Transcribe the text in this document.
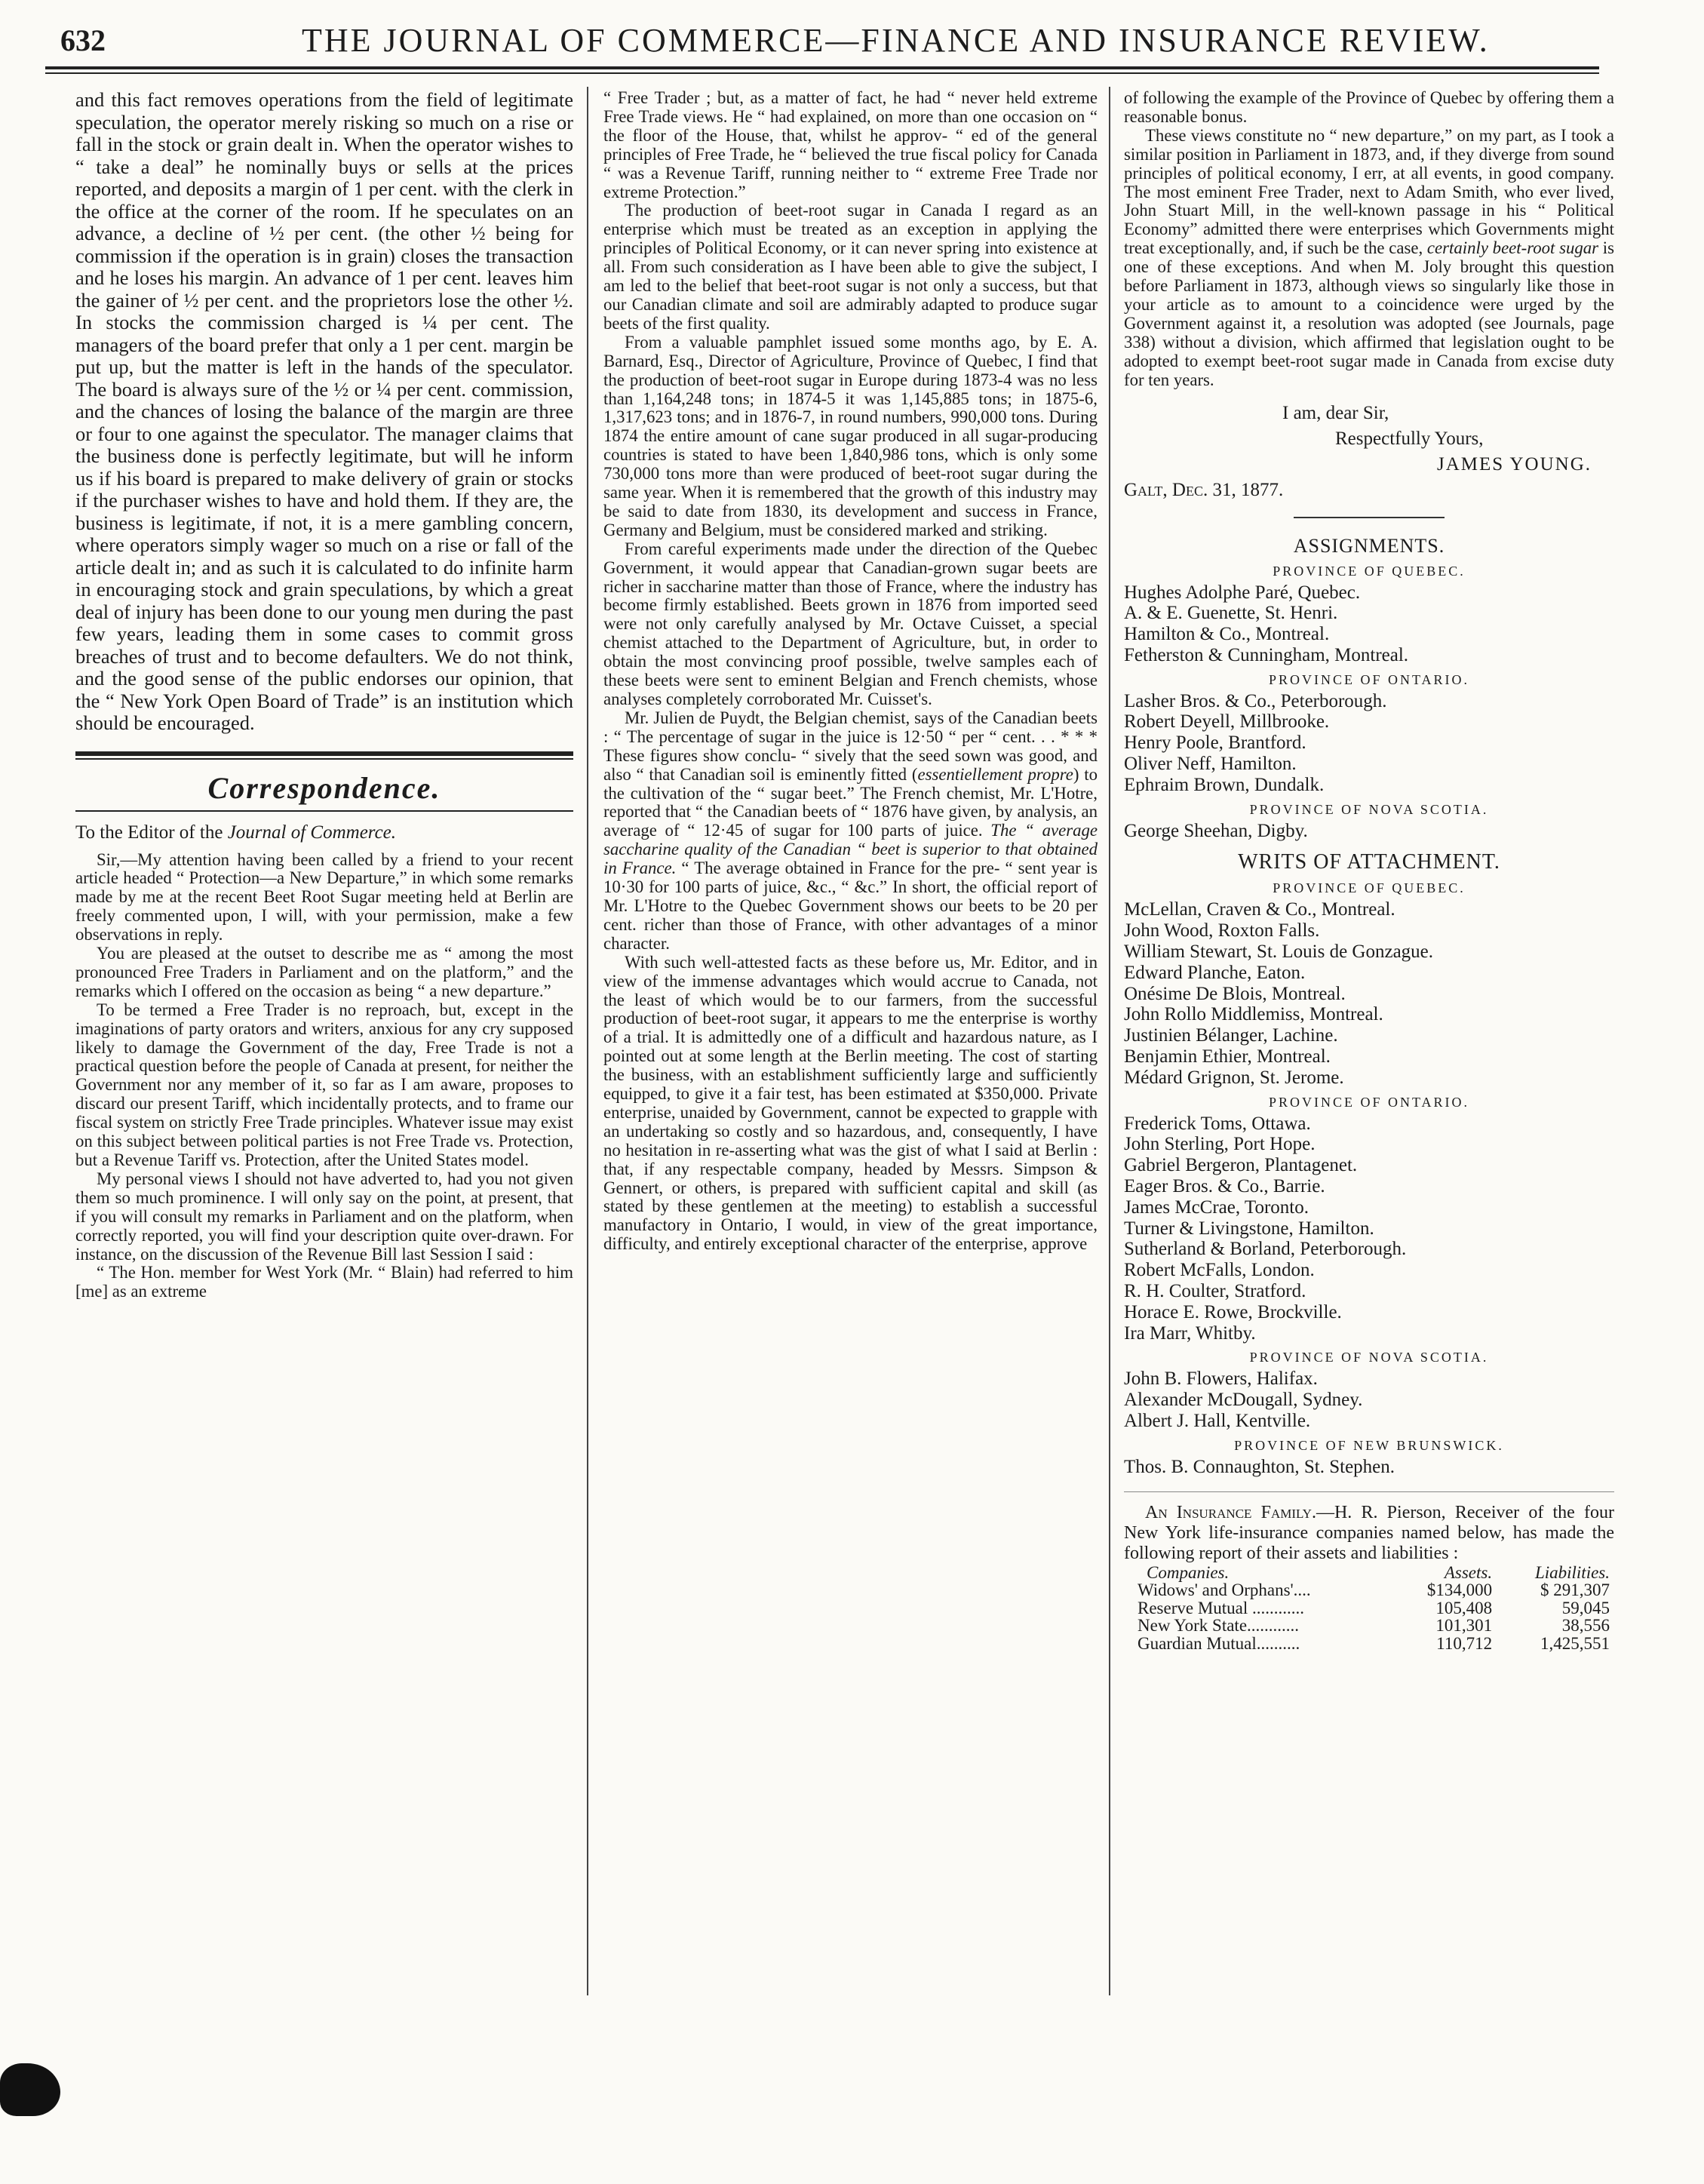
632	THE JOURNAL OF COMMERCE—FINANCE AND INSURANCE REVIEW.

and this fact removes operations from the field of legitimate speculation, the operator merely risking so much on a rise or fall in the stock or grain dealt in. When the operator wishes to “ take a deal” he nominally buys or sells at the prices reported, and deposits a margin of 1 per cent. with the clerk in the office at the corner of the room. If he speculates on an advance, a decline of ½ per cent. (the other ½ being for commission if the operation is in grain) closes the transaction and he loses his margin. An advance of 1 per cent. leaves him the gainer of ½ per cent. and the proprietors lose the other ½. In stocks the commission charged is ¼ per cent. The managers of the board prefer that only a 1 per cent. margin be put up, but the matter is left in the hands of the speculator. The board is always sure of the ½ or ¼ per cent. commission, and the chances of losing the balance of the margin are three or four to one against the speculator. The manager claims that the business done is perfectly legitimate, but will he inform us if his board is prepared to make delivery of grain or stocks if the purchaser wishes to have and hold them. If they are, the business is legitimate, if not, it is a mere gambling concern, where operators simply wager so much on a rise or fall of the article dealt in; and as such it is calculated to do infinite harm in encouraging stock and grain speculations, by which a great deal of injury has been done to our young men during the past few years, leading them in some cases to commit gross breaches of trust and to become defaulters. We do not think, and the good sense of the public endorses our opinion, that the “ New York Open Board of Trade” is an institution which should be encouraged.

Correspondence.

To the Editor of the Journal of Commerce.

Sir,—My attention having been called by a friend to your recent article headed “ Protection—a New Departure,” in which some remarks made by me at the recent Beet Root Sugar meeting held at Berlin are freely commented upon, I will, with your permission, make a few observations in reply.

You are pleased at the outset to describe me as “ among the most pronounced Free Traders in Parliament and on the platform,” and the remarks which I offered on the occasion as being “ a new departure.”

To be termed a Free Trader is no reproach, but, except in the imaginations of party orators and writers, anxious for any cry supposed likely to damage the Government of the day, Free Trade is not a practical question before the people of Canada at present, for neither the Government nor any member of it, so far as I am aware, proposes to discard our present Tariff, which incidentally protects, and to frame our fiscal system on strictly Free Trade principles. Whatever issue may exist on this subject between political parties is not Free Trade vs. Protection, but a Revenue Tariff vs. Protection, after the United States model.

My personal views I should not have adverted to, had you not given them so much prominence. I will only say on the point, at present, that if you will consult my remarks in Parliament and on the platform, when correctly reported, you will find your description quite over-drawn. For instance, on the discussion of the Revenue Bill last Session I said :

“ The Hon. member for West York (Mr. “ Blain) had referred to him [me] as an extreme

“ Free Trader ; but, as a matter of fact, he had “ never held extreme Free Trade views. He “ had explained, on more than one occasion on “ the floor of the House, that, whilst he approv- “ ed of the general principles of Free Trade, he “ believed the true fiscal policy for Canada “ was a Revenue Tariff, running neither to “ extreme Free Trade nor extreme Protection.”

The production of beet-root sugar in Canada I regard as an enterprise which must be treated as an exception in applying the principles of Political Economy, or it can never spring into existence at all. From such consideration as I have been able to give the subject, I am led to the belief that beet-root sugar is not only a success, but that our Canadian climate and soil are admirably adapted to produce sugar beets of the first quality.

From a valuable pamphlet issued some months ago, by E. A. Barnard, Esq., Director of Agriculture, Province of Quebec, I find that the production of beet-root sugar in Europe during 1873-4 was no less than 1,164,248 tons; in 1874-5 it was 1,145,885 tons; in 1875-6, 1,317,623 tons; and in 1876-7, in round numbers, 990,000 tons. During 1874 the entire amount of cane sugar produced in all sugar-producing countries is stated to have been 1,840,986 tons, which is only some 730,000 tons more than were produced of beet-root sugar during the same year. When it is remembered that the growth of this industry may be said to date from 1830, its development and success in France, Germany and Belgium, must be considered marked and striking.

From careful experiments made under the direction of the Quebec Government, it would appear that Canadian-grown sugar beets are richer in saccharine matter than those of France, where the industry has become firmly established. Beets grown in 1876 from imported seed were not only carefully analysed by Mr. Octave Cuisset, a special chemist attached to the Department of Agriculture, but, in order to obtain the most convincing proof possible, twelve samples each of these beets were sent to eminent Belgian and French chemists, whose analyses completely corroborated Mr. Cuisset's.

Mr. Julien de Puydt, the Belgian chemist, says of the Canadian beets : “ The percentage of sugar in the juice is 12·50 “ per “ cent. . . * * * These figures show conclu- “ sively that the seed sown was good, and also “ that Canadian soil is eminently fitted (essentiellement propre) to the cultivation of the “ sugar beet.” The French chemist, Mr. L'Hotre, reported that “ the Canadian beets of “ 1876 have given, by analysis, an average of “ 12·45 of sugar for 100 parts of juice. The “ average saccharine quality of the Canadian “ beet is superior to that obtained in France. “ The average obtained in France for the pre- “ sent year is 10·30 for 100 parts of juice, &c., “ &c.” In short, the official report of Mr. L'Hotre to the Quebec Government shows our beets to be 20 per cent. richer than those of France, with other advantages of a minor character.

With such well-attested facts as these before us, Mr. Editor, and in view of the immense advantages which would accrue to Canada, not the least of which would be to our farmers, from the successful production of beet-root sugar, it appears to me the enterprise is worthy of a trial. It is admittedly one of a difficult and hazardous nature, as I pointed out at some length at the Berlin meeting. The cost of starting the business, with an establishment sufficiently large and sufficiently equipped, to give it a fair test, has been estimated at $350,000. Private enterprise, unaided by Government, cannot be expected to grapple with an undertaking so costly and so hazardous, and, consequently, I have no hesitation in re-asserting what was the gist of what I said at Berlin : that, if any respectable company, headed by Messrs. Simpson & Gennert, or others, is prepared with sufficient capital and skill (as stated by these gentlemen at the meeting) to establish a successful manufactory in Ontario, I would, in view of the great importance, difficulty, and entirely exceptional character of the enterprise, approve

of following the example of the Province of Quebec by offering them a reasonable bonus.

These views constitute no “ new departure,” on my part, as I took a similar position in Parliament in 1873, and, if they diverge from sound principles of political economy, I err, at all events, in good company. The most eminent Free Trader, next to Adam Smith, who ever lived, John Stuart Mill, in the well-known passage in his “ Political Economy” admitted there were enterprises which Governments might treat exceptionally, and, if such be the case, certainly beet-root sugar is one of these exceptions. And when M. Joly brought this question before Parliament in 1873, although views so singularly like those in your article as to amount to a coincidence were urged by the Government against it, a resolution was adopted (see Journals, page 338) without a division, which affirmed that legislation ought to be adopted to exempt beet-root sugar made in Canada from excise duty for ten years.

I am, dear Sir,

Respectfully Yours,

JAMES YOUNG.

Galt, Dec. 31, 1877.

ASSIGNMENTS.
PROVINCE OF QUEBEC.

Hughes Adolphe Paré, Quebec.

A. & E. Guenette, St. Henri.

Hamilton & Co., Montreal.

Fetherston & Cunningham, Montreal.

PROVINCE OF ONTARIO.

Lasher Bros. & Co., Peterborough.

Robert Deyell, Millbrooke.

Henry Poole, Brantford.

Oliver Neff, Hamilton.

Ephraim Brown, Dundalk.

PROVINCE OF NOVA SCOTIA.

George Sheehan, Digby.

WRITS OF ATTACHMENT.
PROVINCE OF QUEBEC.

McLellan, Craven & Co., Montreal.

John Wood, Roxton Falls.

William Stewart, St. Louis de Gonzague.

Edward Planche, Eaton.

Onésime De Blois, Montreal.

John Rollo Middlemiss, Montreal.

Justinien Bélanger, Lachine.

Benjamin Ethier, Montreal.

Médard Grignon, St. Jerome.

PROVINCE OF ONTARIO.

Frederick Toms, Ottawa.

John Sterling, Port Hope.

Gabriel Bergeron, Plantagenet.

Eager Bros. & Co., Barrie.

James McCrae, Toronto.

Turner & Livingstone, Hamilton.

Sutherland & Borland, Peterborough.

Robert McFalls, London.

R. H. Coulter, Stratford.

Horace E. Rowe, Brockville.

Ira Marr, Whitby.

PROVINCE OF NOVA SCOTIA.

John B. Flowers, Halifax.

Alexander McDougall, Sydney.

Albert J. Hall, Kentville.

PROVINCE OF NEW BRUNSWICK.

Thos. B. Connaughton, St. Stephen.

An Insurance Family.—H. R. Pierson, Receiver of the four New York life-insurance companies named below, has made the following report of their assets and liabilities :

Companies.	Assets.	Liabilities.
Widows' and Orphans'....	$134,000	$ 291,307
Reserve Mutual ............	105,408	59,045
New York State............	101,301	38,556
Guardian Mutual..........	110,712	1,425,551
